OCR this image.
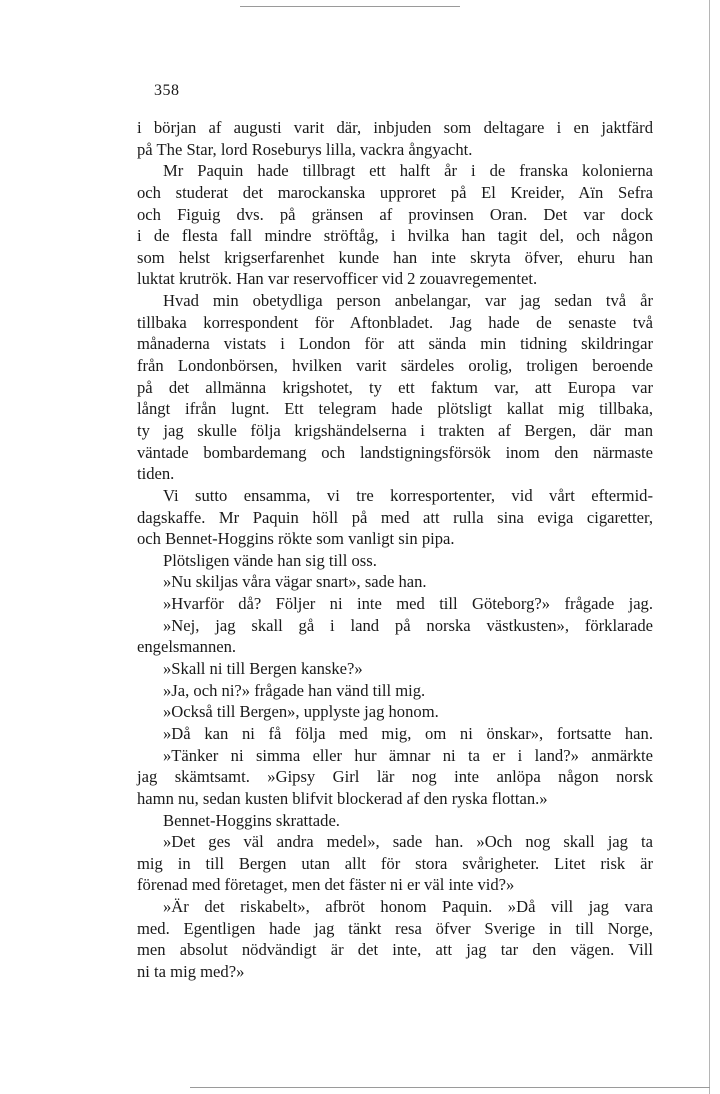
358
i början af augusti varit där, inbjuden som deltagare i en jaktfärd
på The Star, lord Roseburys lilla, vackra ångyacht.
Mr Paquin hade tillbragt ett halft år i de franska kolonierna
och studerat det marockanska upproret på El Kreider, Aïn Sefra
och Figuig dvs. på gränsen af provinsen Oran. Det var dock
i de flesta fall mindre ströftåg, i hvilka han tagit del, och någon
som helst krigserfarenhet kunde han inte skryta öfver, ehuru han
luktat krutrök. Han var reservofficer vid 2 zouavregementet.
Hvad min obetydliga person anbelangar, var jag sedan två år
tillbaka korrespondent för Aftonbladet. Jag hade de senaste två
månaderna vistats i London för att sända min tidning skildringar
från Londonbörsen, hvilken varit särdeles orolig, troligen beroende
på det allmänna krigshotet, ty ett faktum var, att Europa var
långt ifrån lugnt. Ett telegram hade plötsligt kallat mig tillbaka,
ty jag skulle följa krigshändelserna i trakten af Bergen, där man
väntade bombardemang och landstigningsförsök inom den närmaste
tiden.
Vi sutto ensamma, vi tre korresportenter, vid vårt eftermid-
dagskaffe. Mr Paquin höll på med att rulla sina eviga cigaretter,
och Bennet-Hoggins rökte som vanligt sin pipa.
Plötsligen vände han sig till oss.
»Nu skiljas våra vägar snart», sade han.
»Hvarför då? Följer ni inte med till Göteborg?» frågade jag.
»Nej, jag skall gå i land på norska västkusten», förklarade
engelsmannen.
»Skall ni till Bergen kanske?»
»Ja, och ni?» frågade han vänd till mig.
»Också till Bergen», upplyste jag honom.
»Då kan ni få följa med mig, om ni önskar», fortsatte han.
»Tänker ni simma eller hur ämnar ni ta er i land?» anmärkte
jag skämtsamt. »Gipsy Girl lär nog inte anlöpa någon norsk
hamn nu, sedan kusten blifvit blockerad af den ryska flottan.»
Bennet-Hoggins skrattade.
»Det ges väl andra medel», sade han. »Och nog skall jag ta
mig in till Bergen utan allt för stora svårigheter. Litet risk är
förenad med företaget, men det fäster ni er väl inte vid?»
»Är det riskabelt», afbröt honom Paquin. »Då vill jag vara
med. Egentligen hade jag tänkt resa öfver Sverige in till Norge,
men absolut nödvändigt är det inte, att jag tar den vägen. Vill
ni ta mig med?»
